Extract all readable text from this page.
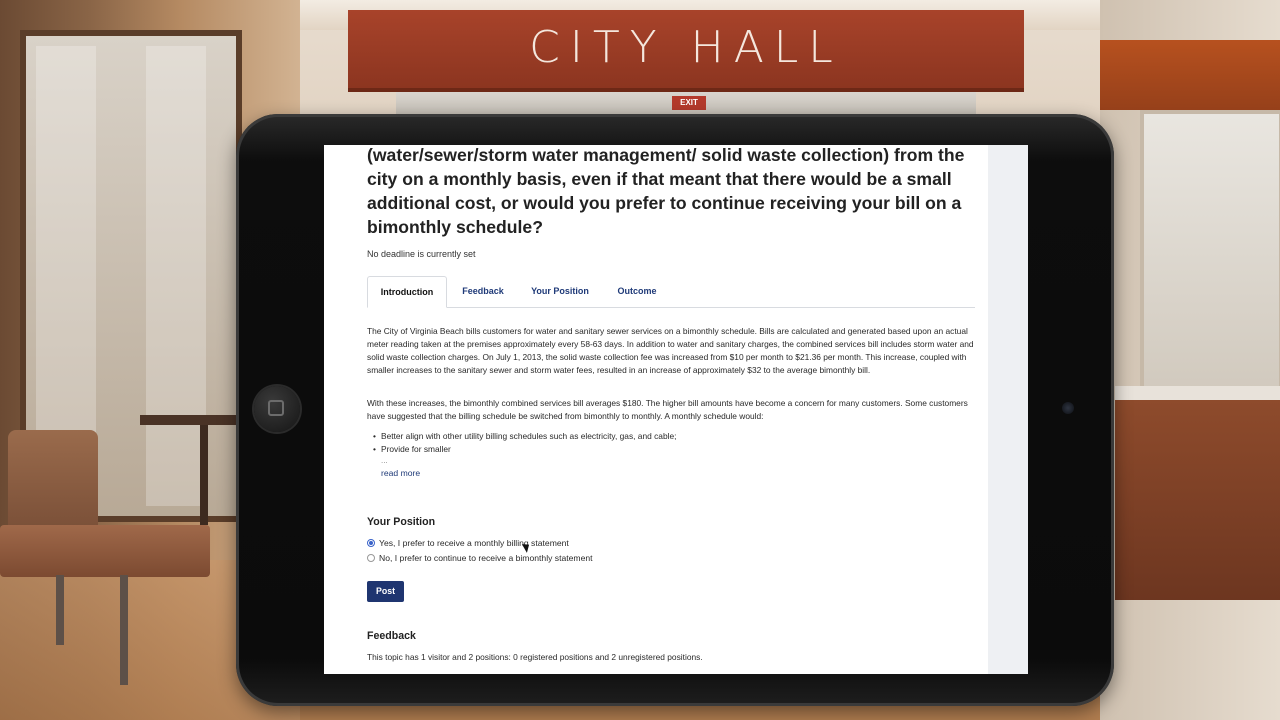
CITY HALL
EXIT
(water/sewer/storm water management/ solid waste collection) from the city on a monthly basis, even if that meant that there would be a small additional cost, or would you prefer to continue receiving your bill on a bimonthly schedule?
No deadline is currently set
Introduction	Feedback	Your Position	Outcome
The City of Virginia Beach bills customers for water and sanitary sewer services on a bimonthly schedule. Bills are calculated and generated based upon an actual meter reading taken at the premises approximately every 58-63 days. In addition to water and sanitary charges, the combined services bill includes storm water and solid waste collection charges. On July 1, 2013, the solid waste collection fee was increased from $10 per month to $21.36 per month. This increase, coupled with smaller increases to the sanitary sewer and storm water fees, resulted in an increase of approximately $32 to the average bimonthly bill.
With these increases, the bimonthly combined services bill averages $180. The higher bill amounts have become a concern for many customers. Some customers have suggested that the billing schedule be switched from bimonthly to monthly. A monthly schedule would:
• Better align with other utility billing schedules such as electricity, gas, and cable;
• Provide for smaller
...
read more
Your Position
Yes, I prefer to receive a monthly billing statement
No, I prefer to continue to receive a bimonthly statement
Post
Feedback
This topic has 1 visitor and 2 positions: 0 registered positions and 2 unregistered positions.
